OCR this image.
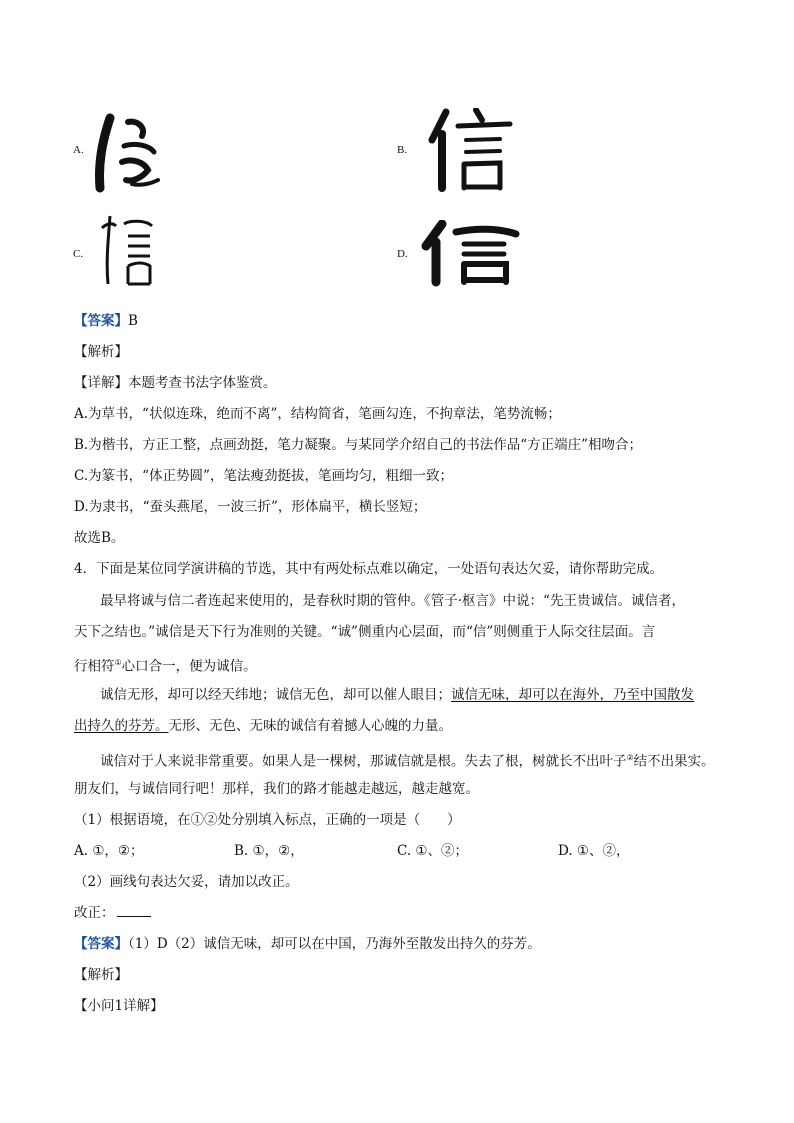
A.	B.
C.	D.
【答案】B
【解析】
【详解】本题考查书法字体鉴赏。
A.为草书，“状似连珠，绝而不离”，结构简省，笔画勾连，不拘章法，笔势流畅；
B.为楷书，方正工整，点画劲挺，笔力凝聚。与某同学介绍自己的书法作品“方正端庄”相吻合；
C.为篆书，“体正势圆”，笔法瘦劲挺拔，笔画均匀，粗细一致；
D.为隶书，“蚕头燕尾，一波三折”，形体扁平，横长竖短；
故选B。
4．下面是某位同学演讲稿的节选，其中有两处标点难以确定，一处语句表达欠妥，请你帮助完成。
最早将诚与信二者连起来使用的，是春秋时期的管仲。《管子·枢言》中说：“先王贵诚信。诚信者，
天下之结也。”诚信是天下行为准则的关键。“诚”侧重内心层面，而“信”则侧重于人际交往层面。言
行相符①心口合一，便为诚信。
诚信无形，却可以经天纬地；诚信无色，却可以催人眼目；诚信无味，却可以在海外，乃至中国散发
出持久的芬芳。无形、无色、无味的诚信有着撼人心魄的力量。
诚信对于人来说非常重要。如果人是一棵树，那诚信就是根。失去了根，树就长不出叶子②结不出果实。
朋友们，与诚信同行吧！那样，我们的路才能越走越远，越走越宽。
（1）根据语境，在①②处分别填入标点，正确的一项是（　　）
A. ①，②；	B. ①，②，	C. ①、②；	D. ①、②，
（2）画线句表达欠妥，请加以改正。
改正：
【答案】（1）D（2）诚信无味，却可以在中国，乃海外至散发出持久的芬芳。
【解析】
【小问1详解】
